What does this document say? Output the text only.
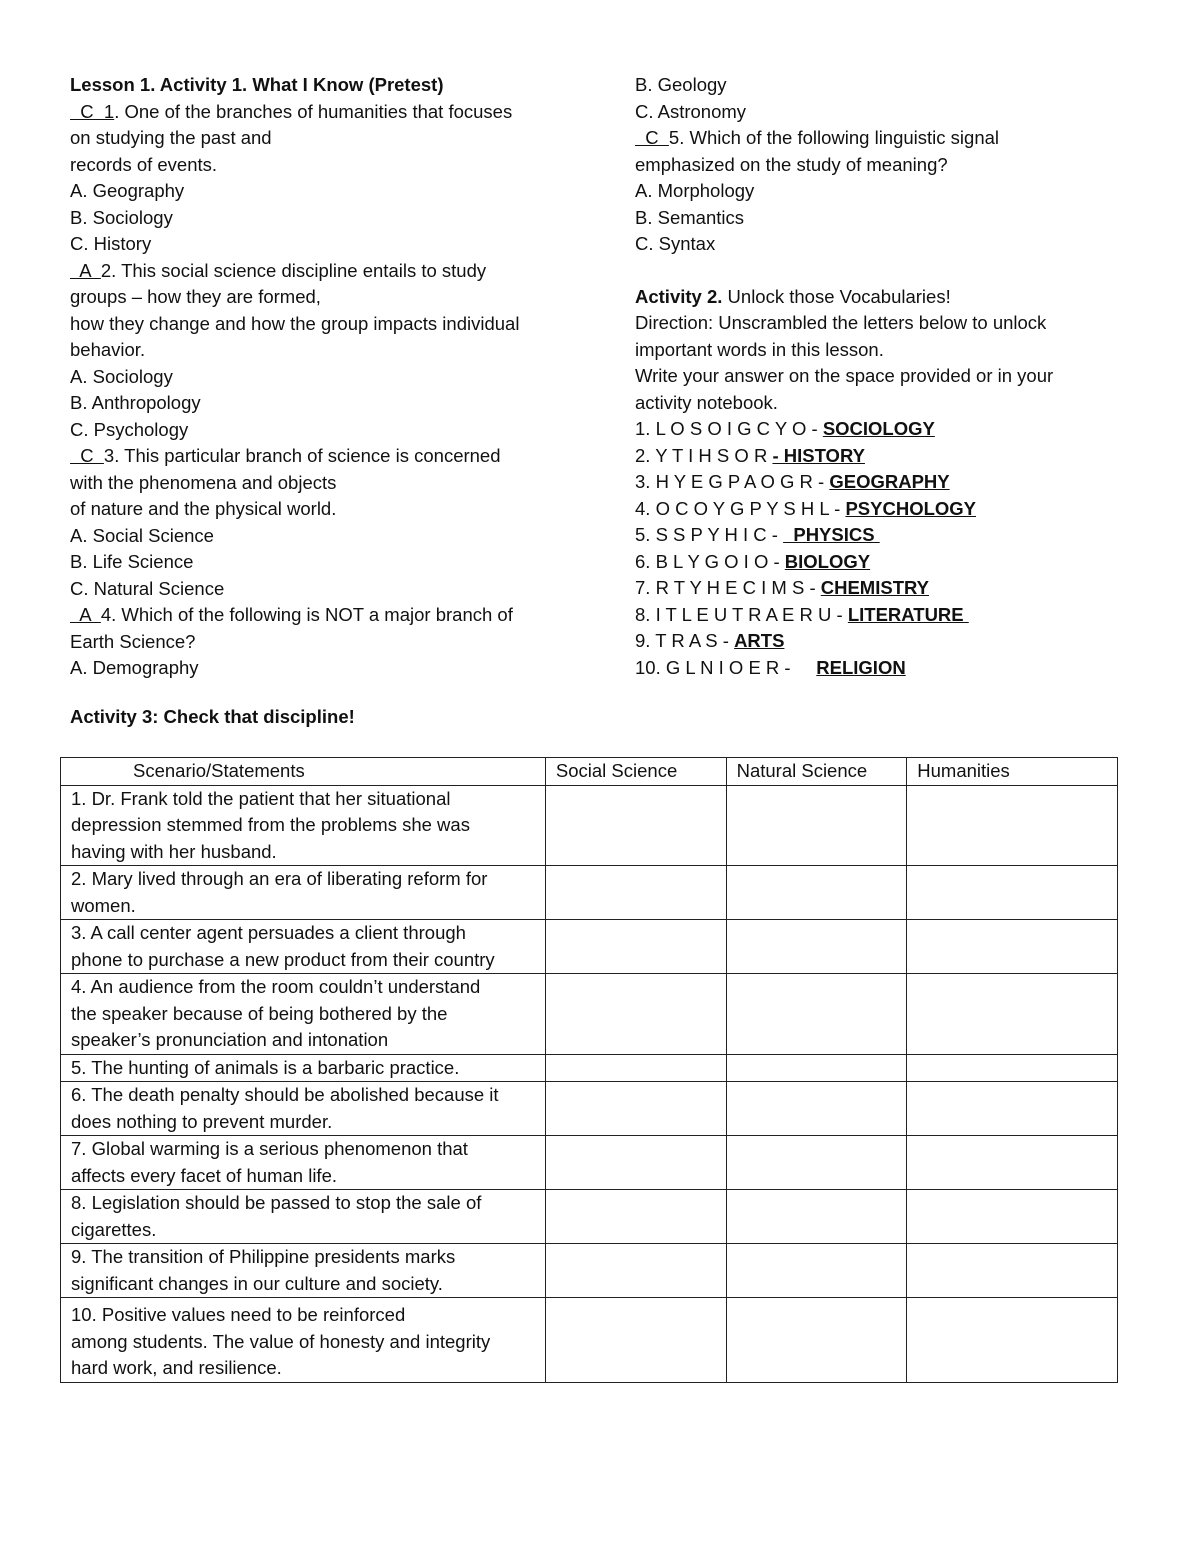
Lesson 1. Activity 1. What I Know (Pretest)
C  1. One of the branches of humanities that focuses
on studying the past and
records of events.
A. Geography
B. Sociology
C. History
A  2. This social science discipline entails to study
groups – how they are formed,
how they change and how the group impacts individual
behavior.
A. Sociology
B. Anthropology
C. Psychology
C  3. This particular branch of science is concerned
with the phenomena and objects
of nature and the physical world.
A. Social Science
B. Life Science
C. Natural Science
A  4. Which of the following is NOT a major branch of
Earth Science?
A. Demography
B. Geology
C. Astronomy
C  5. Which of the following linguistic signal
emphasized on the study of meaning?
A. Morphology
B. Semantics
C. Syntax
Activity 2. Unlock those Vocabularies!
Direction: Unscrambled the letters below to unlock
important words in this lesson.
Write your answer on the space provided or in your
activity notebook.
1. L O S O I G C Y O - SOCIOLOGY
2. Y T I H S O R - HISTORY
3. H Y E G P A O G R - GEOGRAPHY
4. O C O Y G P Y S H L - PSYCHOLOGY
5. S S P Y H I C -   PHYSICS
6. B L Y G O I O - BIOLOGY
7. R T Y H E C I M S - CHEMISTRY
8. I T L E U T R A E R U - LITERATURE
9. T R A S - ARTS
10. G L N I O E R -     RELIGION
Activity 3: Check that discipline!
Scenario/Statements	Social Science	Natural Science	Humanities

1. Dr. Frank told the patient that her situational
depression stemmed from the problems she was
having with her husband.			

2. Mary lived through an era of liberating reform for
women.			

3. A call center agent persuades a client through
phone to purchase a new product from their country			

4. An audience from the room couldn’t understand
the speaker because of being bothered by the
speaker’s pronunciation and intonation			

5. The hunting of animals is a barbaric practice.			

6. The death penalty should be abolished because it
does nothing to prevent murder.			

7. Global warming is a serious phenomenon that
affects every facet of human life.			

8. Legislation should be passed to stop the sale of
cigarettes.			

9. The transition of Philippine presidents marks
significant changes in our culture and society.			

10. Positive values need to be reinforced
among students. The value of honesty and integrity
hard work, and resilience.			
